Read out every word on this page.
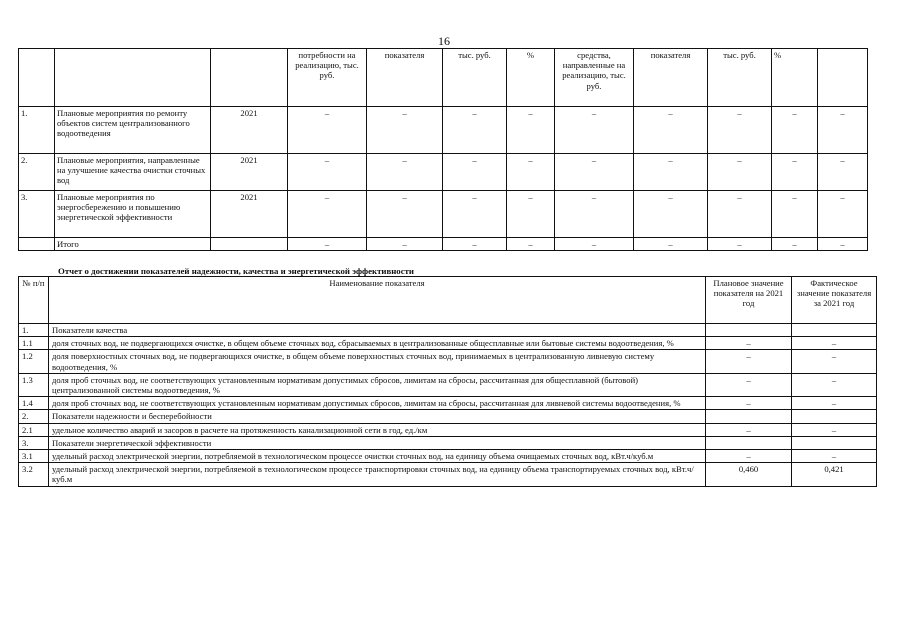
16
			потребности на реализацию, тыс. руб.	показателя	тыс. руб.	%	средства, направленные на реализацию, тыс. руб.	показателя	тыс. руб.	%	
1.	Плановые мероприятия по ремонту объектов систем централизованного водоотведения	2021	–	–	–	–	–	–	–	–	–
2.	Плановые мероприятия, направленные на улучшение качества очистки сточных вод	2021	–	–	–	–	–	–	–	–	–
3.	Плановые мероприятия по энергосбережению и повышению энергетической эффективности	2021	–	–	–	–	–	–	–	–	–
	Итого		–	–	–	–	–	–	–	–	–
Отчет о достижении показателей надежности, качества и энергетической эффективности
№ п/п	Наименование показателя	Плановое значение показателя на 2021 год	Фактическое значение показателя за 2021 год
1.	Показатели качества		
1.1	доля сточных вод, не подвергающихся очистке, в общем объеме сточных вод, сбрасываемых в централизованные общесплавные или бытовые системы водоотведения, %	–	–
1.2	доля поверхностных сточных вод, не подвергающихся очистке, в общем объеме поверхностных сточных вод, принимаемых в централизованную ливневую систему водоотведения, %	–	–
1.3	доля проб сточных вод, не соответствующих установленным нормативам допустимых сбросов, лимитам на сбросы, рассчитанная для общесплавной (бытовой) централизованной системы водоотведения, %	–	–
1.4	доля проб сточных вод, не соответствующих установленным нормативам допустимых сбросов, лимитам на сбросы, рассчитанная для ливневой системы водоотведения, %	–	–
2.	Показатели надежности и бесперебойности		
2.1	удельное количество аварий и засоров в расчете на протяженность канализационной сети в год, ед./км	–	–
3.	Показатели энергетической эффективности		
3.1	удельный расход электрической энергии, потребляемой в технологическом процессе очистки сточных вод, на единицу объема очищаемых сточных вод, кВт.ч/куб.м	–	–
3.2	удельный расход электрической энергии, потребляемой в технологическом процессе транспортировки сточных вод, на единицу объема транспортируемых сточных вод, кВт.ч/куб.м	0,460	0,421
